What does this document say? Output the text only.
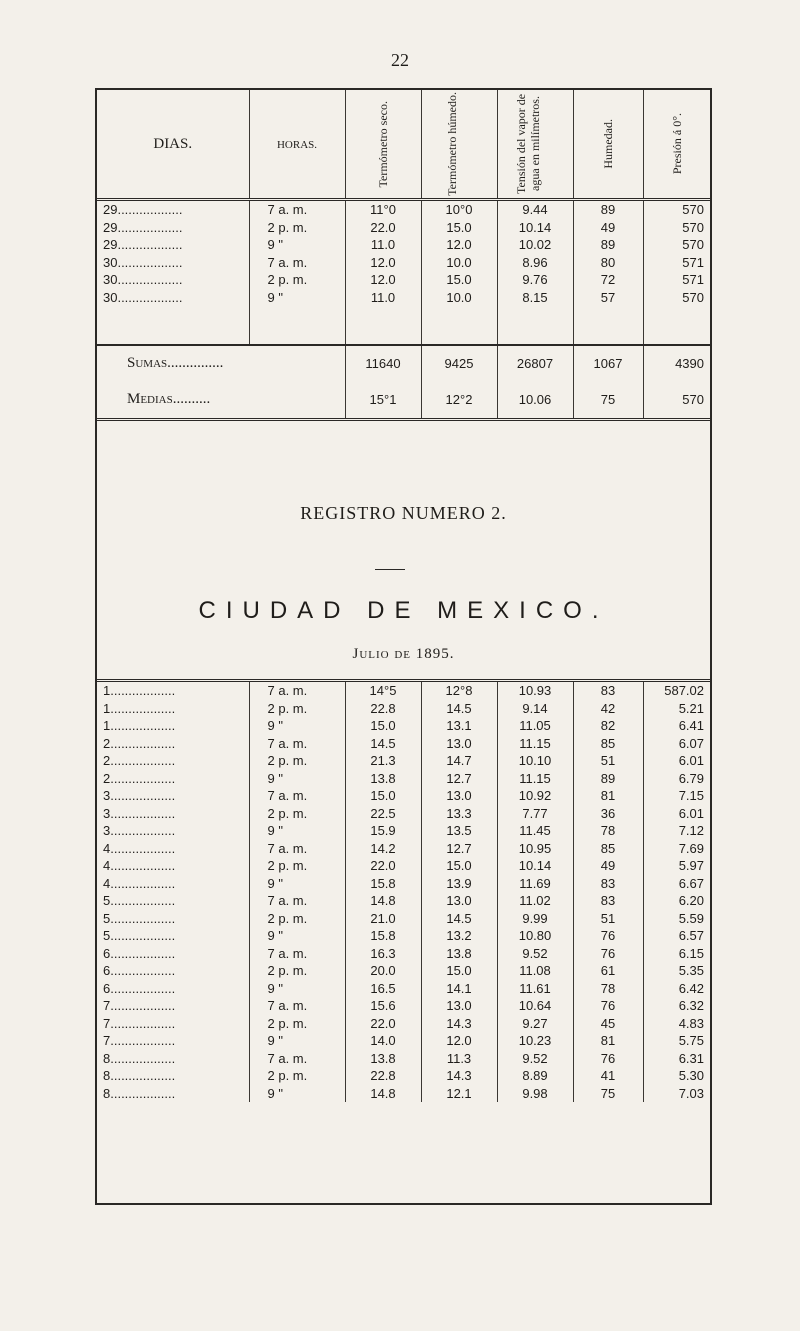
22
DIAS.	HORAS.	Termómetro seco.	Termómetro húmedo.	Tensión del vapor de agua en milímetros.	Humedad.	Presión á 0°.

29..................	7 a. m.	11°0	10°0	9.44	89	570
29..................	2 p. m.	22.0	15.0	10.14	49	570
29..................	9 "	11.0	12.0	10.02	89	570
30..................	7 a. m.	12.0	10.0	8.96	80	571
30..................	2 p. m.	12.0	15.0	9.76	72	571
30..................	9 "	11.0	10.0	8.15	57	570

Sumas...............		11640	9425	26807	1067	4390
Medias..........		15°1	12°2	10.06	75	570
REGISTRO NUMERO 2.
CIUDAD DE MEXICO.
Julio de 1895.
1..................	7 a. m.	14°5	12°8	10.93	83	587.02
1..................	2 p. m.	22.8	14.5	9.14	42	5.21
1..................	9 "	15.0	13.1	11.05	82	6.41
2..................	7 a. m.	14.5	13.0	11.15	85	6.07
2..................	2 p. m.	21.3	14.7	10.10	51	6.01
2..................	9 "	13.8	12.7	11.15	89	6.79
3..................	7 a. m.	15.0	13.0	10.92	81	7.15
3..................	2 p. m.	22.5	13.3	7.77	36	6.01
3..................	9 "	15.9	13.5	11.45	78	7.12
4..................	7 a. m.	14.2	12.7	10.95	85	7.69
4..................	2 p. m.	22.0	15.0	10.14	49	5.97
4..................	9 "	15.8	13.9	11.69	83	6.67
5..................	7 a. m.	14.8	13.0	11.02	83	6.20
5..................	2 p. m.	21.0	14.5	9.99	51	5.59
5..................	9 "	15.8	13.2	10.80	76	6.57
6..................	7 a. m.	16.3	13.8	9.52	76	6.15
6..................	2 p. m.	20.0	15.0	11.08	61	5.35
6..................	9 "	16.5	14.1	11.61	78	6.42
7..................	7 a. m.	15.6	13.0	10.64	76	6.32
7..................	2 p. m.	22.0	14.3	9.27	45	4.83
7..................	9 "	14.0	12.0	10.23	81	5.75
8..................	7 a. m.	13.8	11.3	9.52	76	6.31
8..................	2 p. m.	22.8	14.3	8.89	41	5.30
8..................	9 "	14.8	12.1	9.98	75	7.03
